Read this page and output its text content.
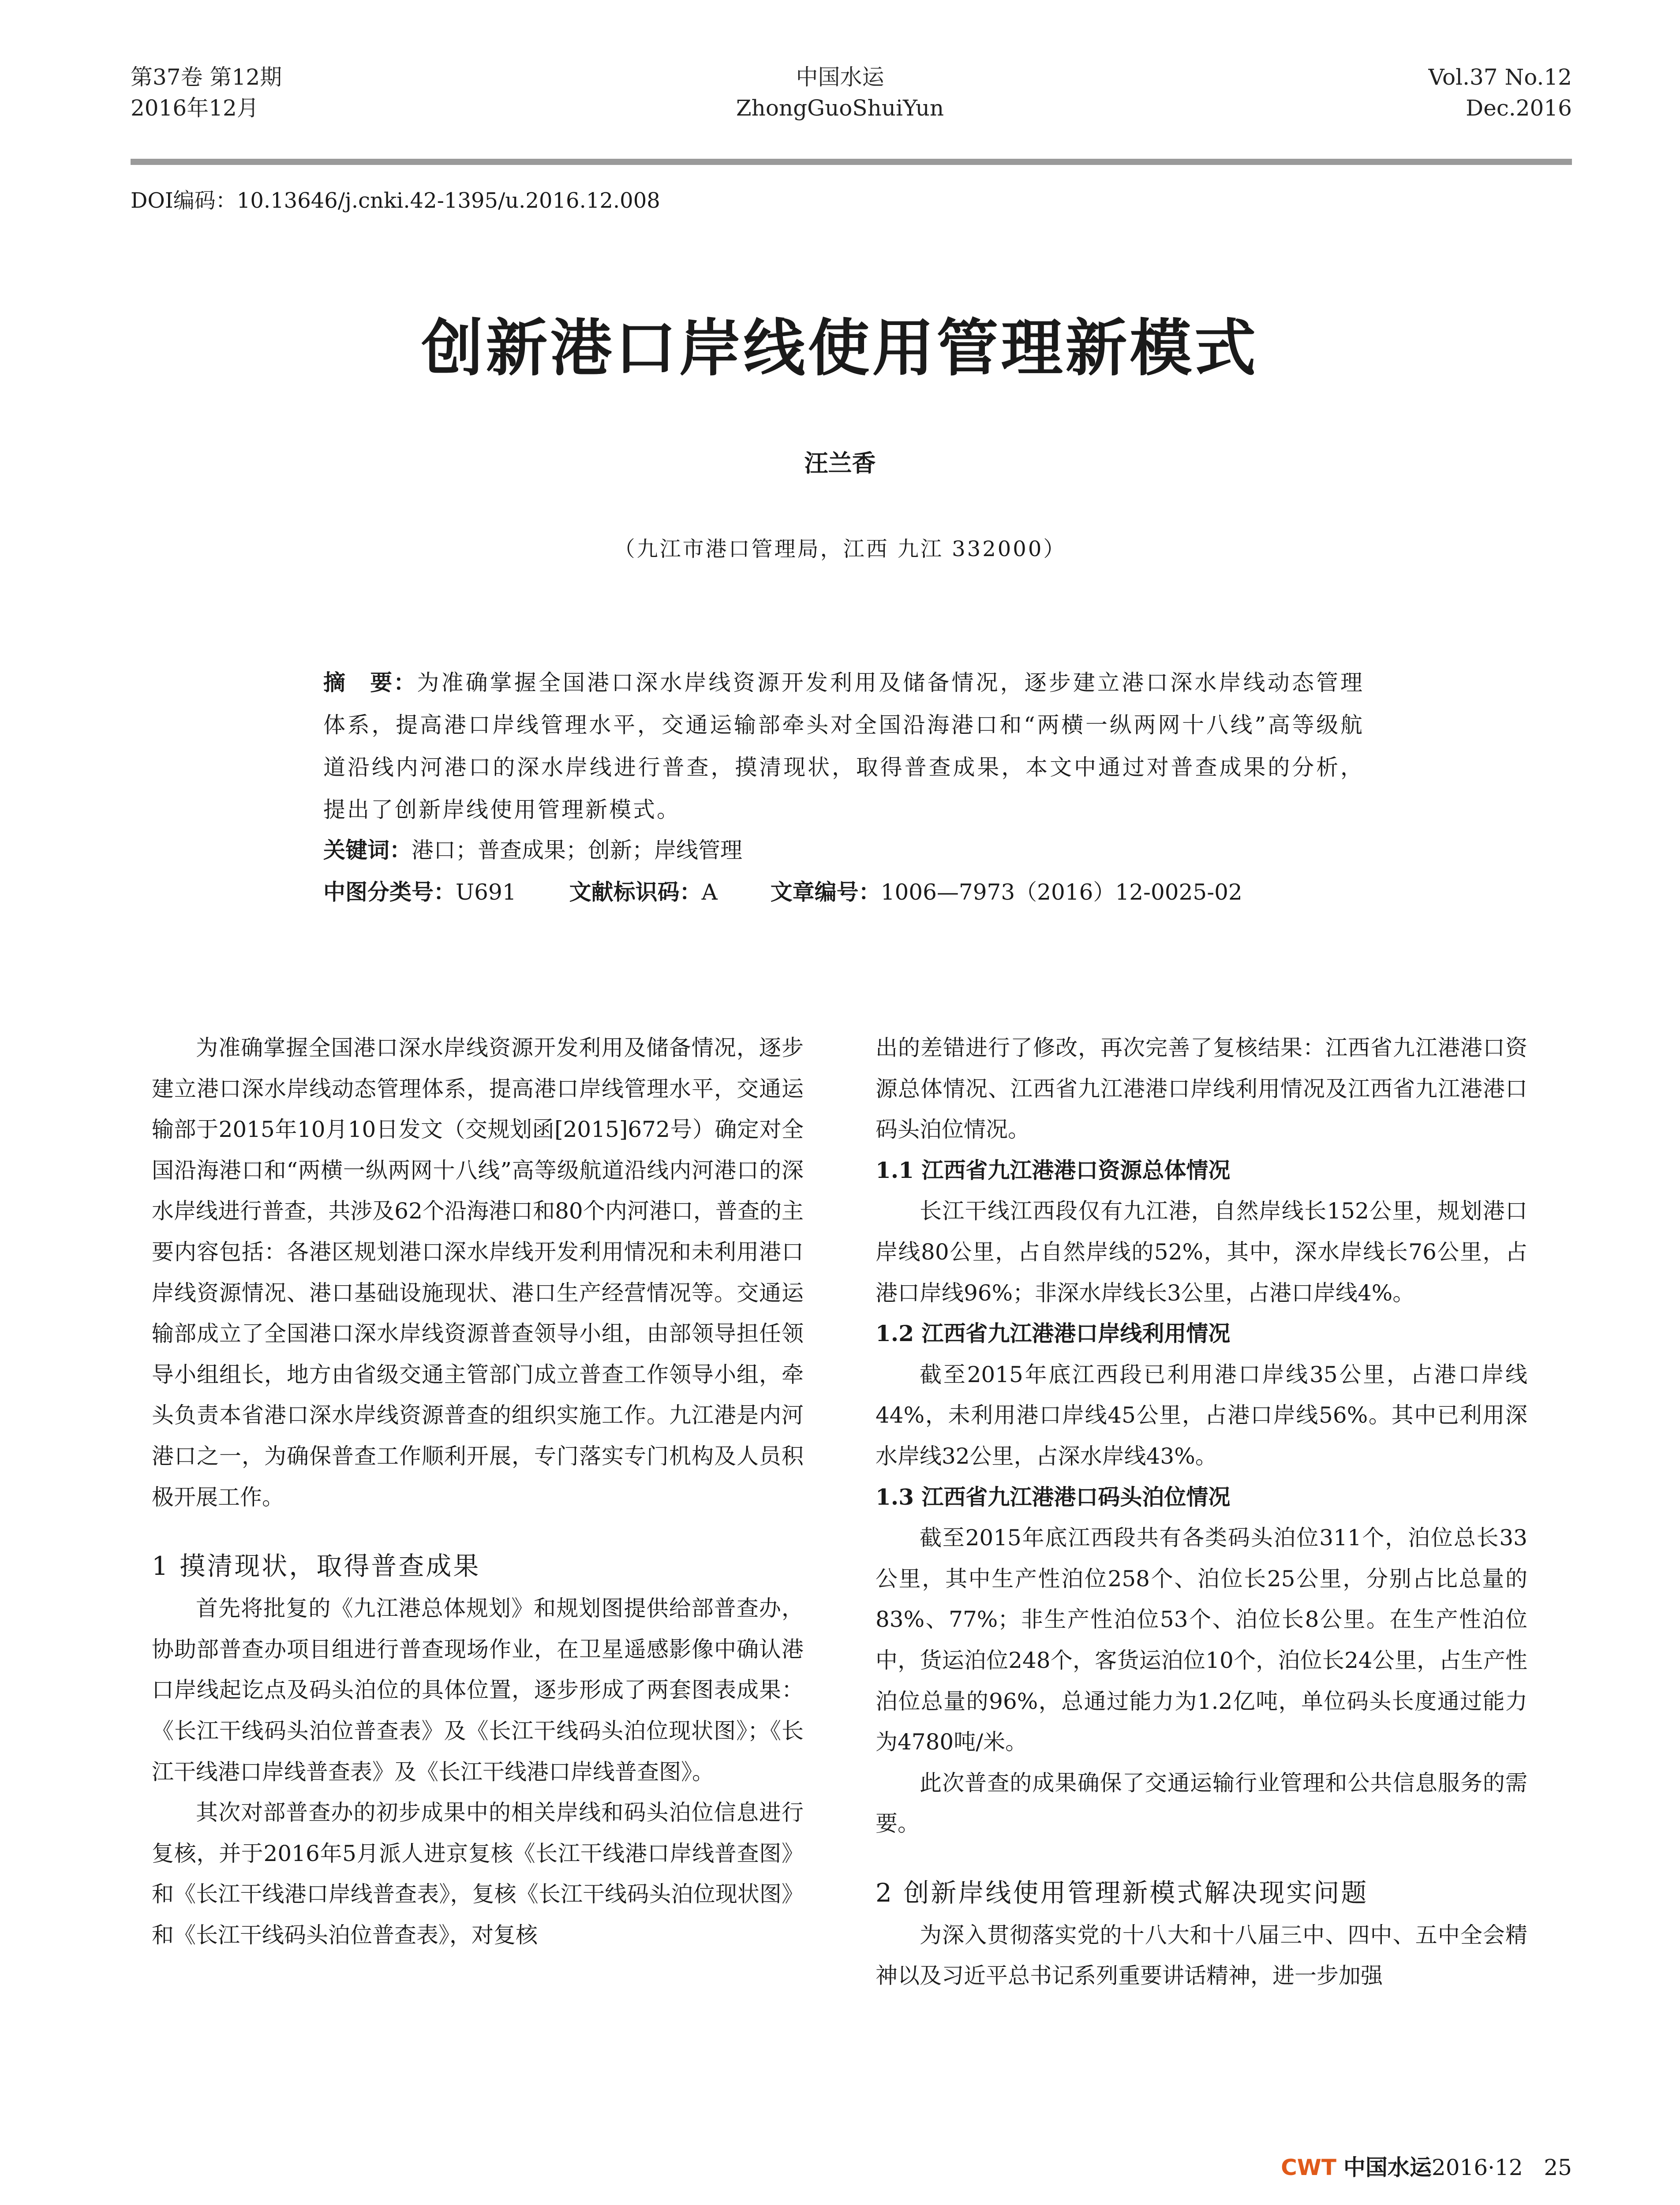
第37卷 第12期
2016年12月
中国水运
ZhongGuoShuiYun
Vol.37 No.12
Dec.2016
DOI编码：10.13646/j.cnki.42-1395/u.2016.12.008
创新港口岸线使用管理新模式
汪兰香
（九江市港口管理局，江西 九江 332000）
摘　要：为准确掌握全国港口深水岸线资源开发利用及储备情况，逐步建立港口深水岸线动态管理体系，提高港口岸线管理水平，交通运输部牵头对全国沿海港口和“两横一纵两网十八线”高等级航道沿线内河港口的深水岸线进行普查，摸清现状，取得普查成果，本文中通过对普查成果的分析，提出了创新岸线使用管理新模式。
关键词：港口；普查成果；创新；岸线管理
中图分类号：U691 文献标识码：A 文章编号：1006—7973（2016）12-0025-02

为准确掌握全国港口深水岸线资源开发利用及储备情况，逐步建立港口深水岸线动态管理体系，提高港口岸线管理水平，交通运输部于2015年10月10日发文（交规划函[2015]672号）确定对全国沿海港口和“两横一纵两网十八线”高等级航道沿线内河港口的深水岸线进行普查，共涉及62个沿海港口和80个内河港口，普查的主要内容包括：各港区规划港口深水岸线开发利用情况和未利用港口岸线资源情况、港口基础设施现状、港口生产经营情况等。交通运输部成立了全国港口深水岸线资源普查领导小组，由部领导担任领导小组组长，地方由省级交通主管部门成立普查工作领导小组，牵头负责本省港口深水岸线资源普查的组织实施工作。九江港是内河港口之一，为确保普查工作顺利开展，专门落实专门机构及人员积极开展工作。

1 摸清现状，取得普查成果

首先将批复的《九江港总体规划》和规划图提供给部普查办，协助部普查办项目组进行普查现场作业，在卫星遥感影像中确认港口岸线起讫点及码头泊位的具体位置，逐步形成了两套图表成果：《长江干线码头泊位普查表》及《长江干线码头泊位现状图》；《长江干线港口岸线普查表》及《长江干线港口岸线普查图》。

其次对部普查办的初步成果中的相关岸线和码头泊位信息进行复核，并于2016年5月派人进京复核《长江干线港口岸线普查图》和《长江干线港口岸线普查表》，复核《长江干线码头泊位现状图》和《长江干线码头泊位普查表》，对复核

出的差错进行了修改，再次完善了复核结果：江西省九江港港口资源总体情况、江西省九江港港口岸线利用情况及江西省九江港港口码头泊位情况。

1.1 江西省九江港港口资源总体情况

长江干线江西段仅有九江港，自然岸线长152公里，规划港口岸线80公里，占自然岸线的52%，其中，深水岸线长76公里，占港口岸线96%；非深水岸线长3公里，占港口岸线4%。

1.2 江西省九江港港口岸线利用情况

截至2015年底江西段已利用港口岸线35公里，占港口岸线44%，未利用港口岸线45公里，占港口岸线56%。其中已利用深水岸线32公里，占深水岸线43%。

1.3 江西省九江港港口码头泊位情况

截至2015年底江西段共有各类码头泊位311个，泊位总长33公里，其中生产性泊位258个、泊位长25公里，分别占比总量的83%、77%；非生产性泊位53个、泊位长8公里。在生产性泊位中，货运泊位248个，客货运泊位10个，泊位长24公里，占生产性泊位总量的96%，总通过能力为1.2亿吨，单位码头长度通过能力为4780吨/米。

此次普查的成果确保了交通运输行业管理和公共信息服务的需要。

2 创新岸线使用管理新模式解决现实问题

为深入贯彻落实党的十八大和十八届三中、四中、五中全会精神以及习近平总书记系列重要讲话精神，进一步加强

CWT 中国水运2016·12 25
